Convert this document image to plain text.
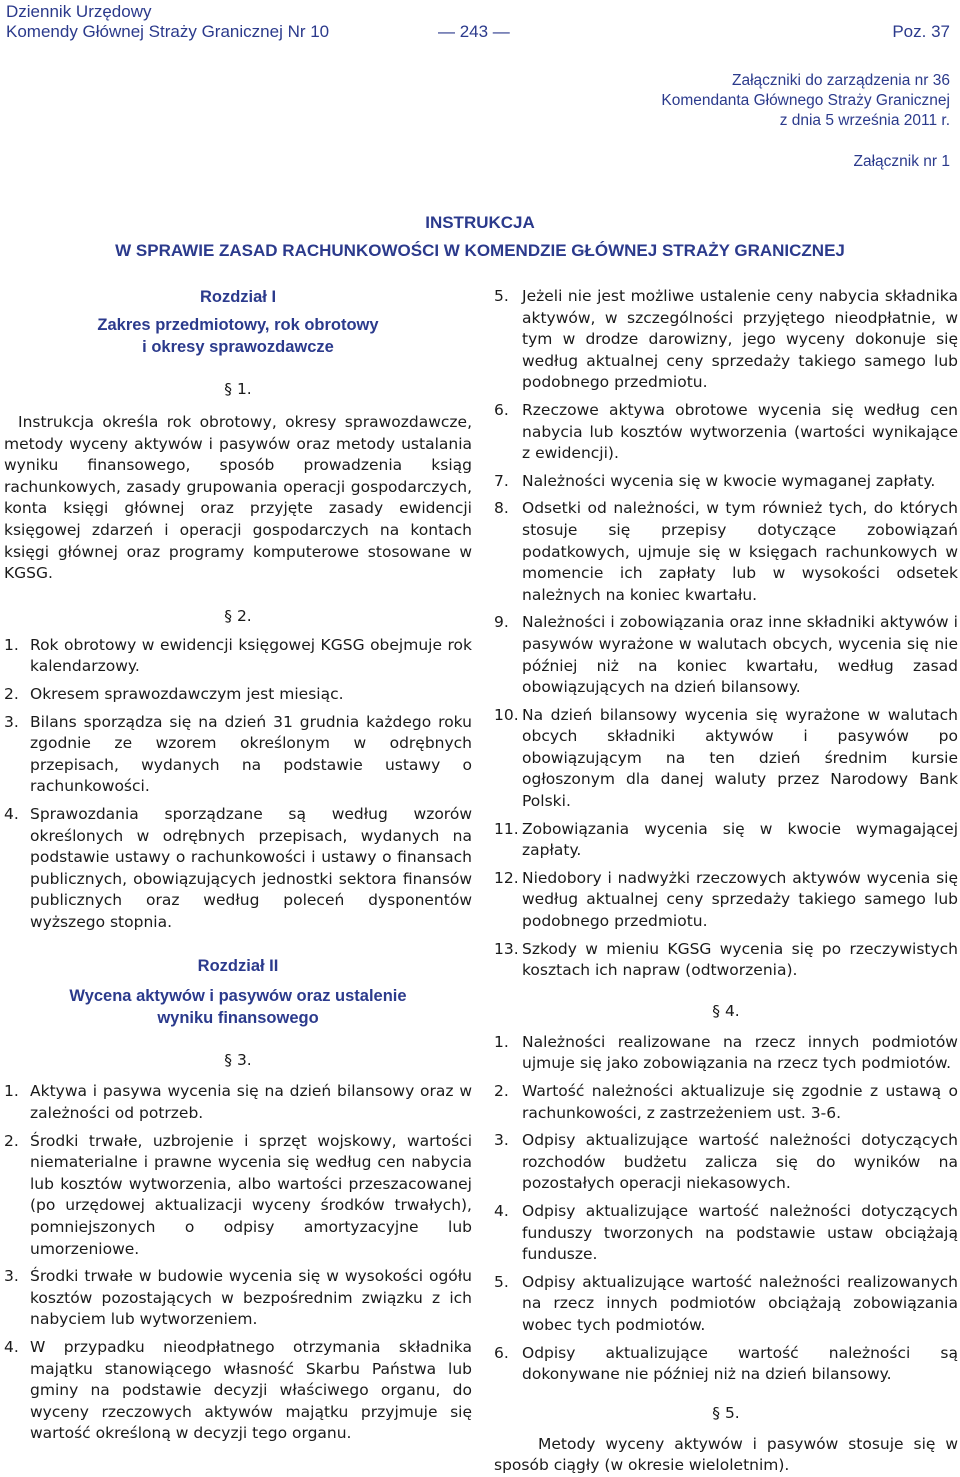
Dziennik Urzędowy
Komendy Głównej Straży Granicznej Nr 10	— 243 —	Poz. 37
Załączniki do zarządzenia nr 36
Komendanta Głównego Straży Granicznej
z dnia 5 września 2011 r.
Załącznik nr 1
INSTRUKCJA
W SPRAWIE ZASAD RACHUNKOWOŚCI W KOMENDZIE GŁÓWNEJ STRAŻY GRANICZNEJ
Rozdział I
Zakres przedmiotowy, rok obrotowy
i okresy sprawozdawcze
§ 1.

Instrukcja określa rok obrotowy, okresy sprawozdawcze, metody wyceny aktywów i pasywów oraz metody ustalania wyniku finansowego, sposób prowadzenia ksiąg rachunkowych, zasady grupowania operacji gospodarczych, konta księgi głównej oraz przyjęte zasady ewidencji księgowej zdarzeń i operacji gospodarczych na kontach księgi głównej oraz programy komputerowe stosowane w KGSG.

§ 2.
1. Rok obrotowy w ewidencji księgowej KGSG obejmuje rok kalendarzowy.
2. Okresem sprawozdawczym jest miesiąc.
3. Bilans sporządza się na dzień 31 grudnia każdego roku zgodnie ze wzorem określonym w odrębnych przepisach, wydanych na podstawie ustawy o rachunkowości.
4. Sprawozdania sporządzane są według wzorów określonych w odrębnych przepisach, wydanych na podstawie ustawy o rachunkowości i ustawy o finansach publicznych, obowiązujących jednostki sektora finansów publicznych oraz według poleceń dysponentów wyższego stopnia.
Rozdział II
Wycena aktywów i pasywów oraz ustalenie
wyniku finansowego
§ 3.
1. Aktywa i pasywa wycenia się na dzień bilansowy oraz w zależności od potrzeb.
2. Środki trwałe, uzbrojenie i sprzęt wojskowy, wartości niematerialne i prawne wycenia się według cen nabycia lub kosztów wytworzenia, albo wartości przeszacowanej (po urzędowej aktualizacji wyceny środków trwałych), pomniejszonych o odpisy amortyzacyjne lub umorzeniowe.
3. Środki trwałe w budowie wycenia się w wysokości ogółu kosztów pozostających w bezpośrednim związku z ich nabyciem lub wytworzeniem.
4. W przypadku nieodpłatnego otrzymania składnika majątku stanowiącego własność Skarbu Państwa lub gminy na podstawie decyzji właściwego organu, do wyceny rzeczowych aktywów majątku przyjmuje się wartość określoną w decyzji tego organu.
5. Jeżeli nie jest możliwe ustalenie ceny nabycia składnika aktywów, w szczególności przyjętego nieodpłatnie, w tym w drodze darowizny, jego wyceny dokonuje się według aktualnej ceny sprzedaży takiego samego lub podobnego przedmiotu.
6. Rzeczowe aktywa obrotowe wycenia się według cen nabycia lub kosztów wytworzenia (wartości wynikające z ewidencji).
7. Należności wycenia się w kwocie wymaganej zapłaty.
8. Odsetki od należności, w tym również tych, do których stosuje się przepisy dotyczące zobowiązań podatkowych, ujmuje się w księgach rachunkowych w momencie ich zapłaty lub w wysokości odsetek należnych na koniec kwartału.
9. Należności i zobowiązania oraz inne składniki aktywów i pasywów wyrażone w walutach obcych, wycenia się nie później niż na koniec kwartału, według zasad obowiązujących na dzień bilansowy.
10. Na dzień bilansowy wycenia się wyrażone w walutach obcych składniki aktywów i pasywów po obowiązującym na ten dzień średnim kursie ogłoszonym dla danej waluty przez Narodowy Bank Polski.
11. Zobowiązania wycenia się w kwocie wymagającej zapłaty.
12. Niedobory i nadwyżki rzeczowych aktywów wycenia się według aktualnej ceny sprzedaży takiego samego lub podobnego przedmiotu.
13. Szkody w mieniu KGSG wycenia się po rzeczywistych kosztach ich napraw (odtworzenia).
§ 4.
1. Należności realizowane na rzecz innych podmiotów ujmuje się jako zobowiązania na rzecz tych podmiotów.
2. Wartość należności aktualizuje się zgodnie z ustawą o rachunkowości, z zastrzeżeniem ust. 3-6.
3. Odpisy aktualizujące wartość należności dotyczących rozchodów budżetu zalicza się do wyników na pozostałych operacji niekasowych.
4. Odpisy aktualizujące wartość należności dotyczących funduszy tworzonych na podstawie ustaw obciążają fundusze.
5. Odpisy aktualizujące wartość należności realizowanych na rzecz innych podmiotów obciążają zobowiązania wobec tych podmiotów.
6. Odpisy aktualizujące wartość należności są dokonywane nie później niż na dzień bilansowy.
§ 5.

Metody wyceny aktywów i pasywów stosuje się w sposób ciągły (w okresie wieloletnim).
